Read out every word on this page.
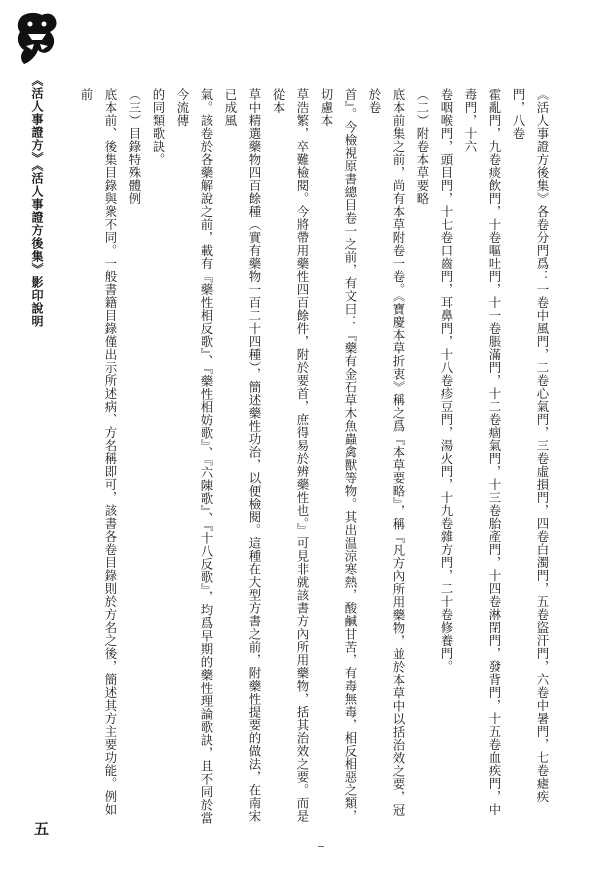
《活人事證方》《活人事證方後集》影印說明	《活人事證方後集》各卷分門爲：一卷中風門，二卷心氣門，三卷虛損門，四卷白濁門，五卷盜汗門，六卷中暑門，七卷瘧疾門，八卷

霍亂門，九卷痰飲門，十卷嘔吐門，十一卷脹滿門，十二卷痼氣門，十三卷胎產門，十四卷淋閉門，發背門，十五卷血疾門，中毒門，十六

卷咽喉門，頭目門，十七卷口齒門，耳鼻門，十八卷疹豆門，湯火門，十九卷雜方門，二十卷修養門。

（二）附卷本草要略

底本前集之前，尚有本草附卷一卷。《寶慶本草折衷》稱之爲『本草要略』，稱『凡方內所用藥物，並於本草中以括治效之要，冠於卷

首』。今檢視原書總目卷一之前，有文曰：『藥有金石草木魚蟲禽獸等物。其出温涼寒熱，酸鹹甘苦，有毒無毒，相反相惡之類，切慮本

草浩繁，卒難檢閱。今將帶用藥性四百餘件，附於要首，庶得易於辨藥性也。』可見非就該書方內所用藥物，括其治效之要。而是從本

草中精選藥物四百餘種（實有藥物一百二十四種），簡述藥性功治，以便檢閱。這種在大型方書之前，附藥性提要的做法，在南宋已成風

氣。該卷於各藥解說之前，載有『藥性相反歌』、『藥性相妨歌』、『六陳歌』、『十八反歌』，均爲早期的藥性理論歌訣，且不同於當今流傳

的同類歌訣。

（三）目錄特殊體例

底本前、後集目錄與衆不同。一般書籍目錄僅出示所述病、方名稱即可，該書各卷目錄則於方名之後，簡述其方主要功能。例如前

五
